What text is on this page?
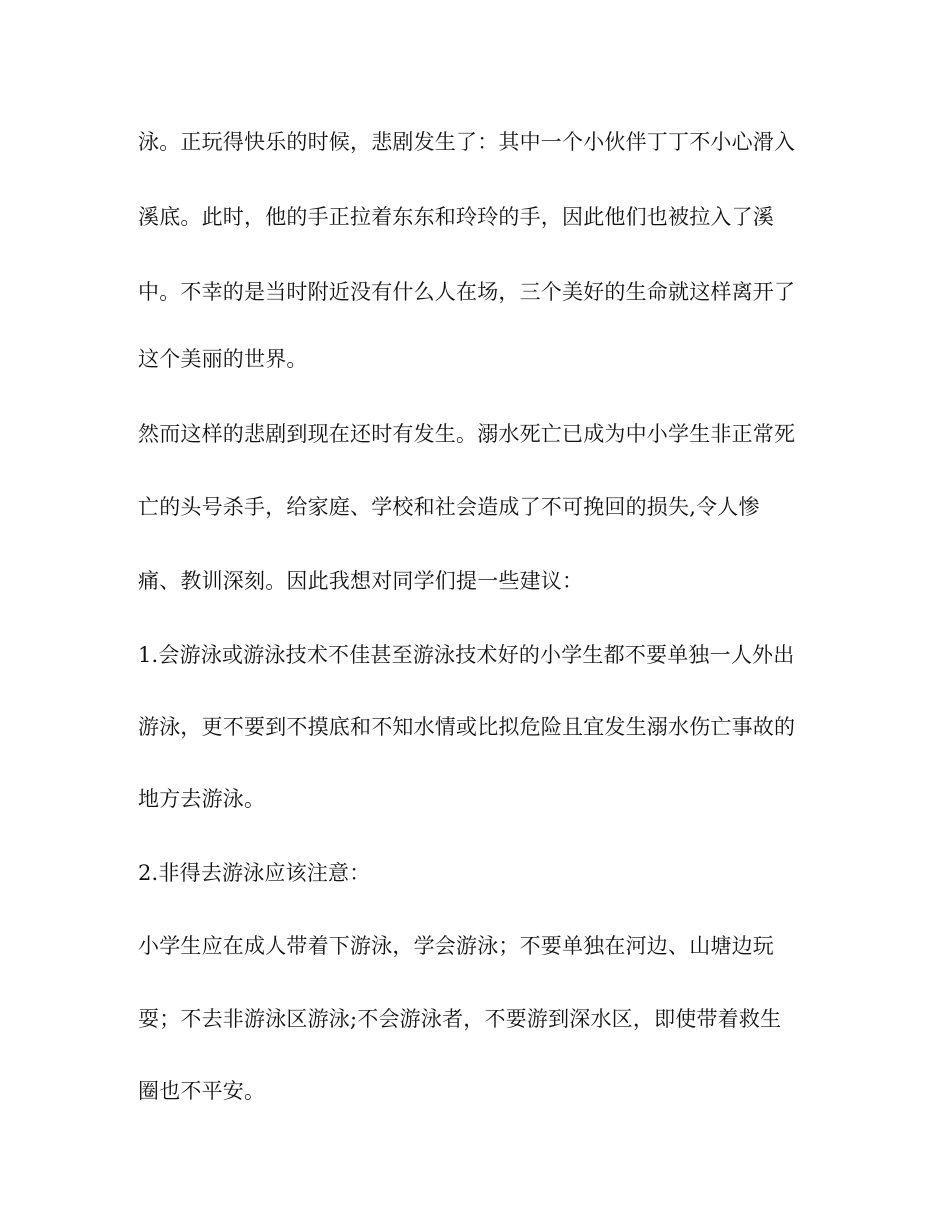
泳。正玩得快乐的时候，悲剧发生了：其中一个小伙伴丁丁不小心滑入
溪底。此时，他的手正拉着东东和玲玲的手，因此他们也被拉入了溪
中。不幸的是当时附近没有什么人在场，三个美好的生命就这样离开了
这个美丽的世界。
然而这样的悲剧到现在还时有发生。溺水死亡已成为中小学生非正常死
亡的头号杀手，给家庭、学校和社会造成了不可挽回的损失,令人惨
痛、教训深刻。因此我想对同学们提一些建议：
1.会游泳或游泳技术不佳甚至游泳技术好的小学生都不要单独一人外出
游泳，更不要到不摸底和不知水情或比拟危险且宜发生溺水伤亡事故的
地方去游泳。
2.非得去游泳应该注意：
小学生应在成人带着下游泳，学会游泳；不要单独在河边、山塘边玩
耍；不去非游泳区游泳;不会游泳者，不要游到深水区，即使带着救生
圈也不平安。
